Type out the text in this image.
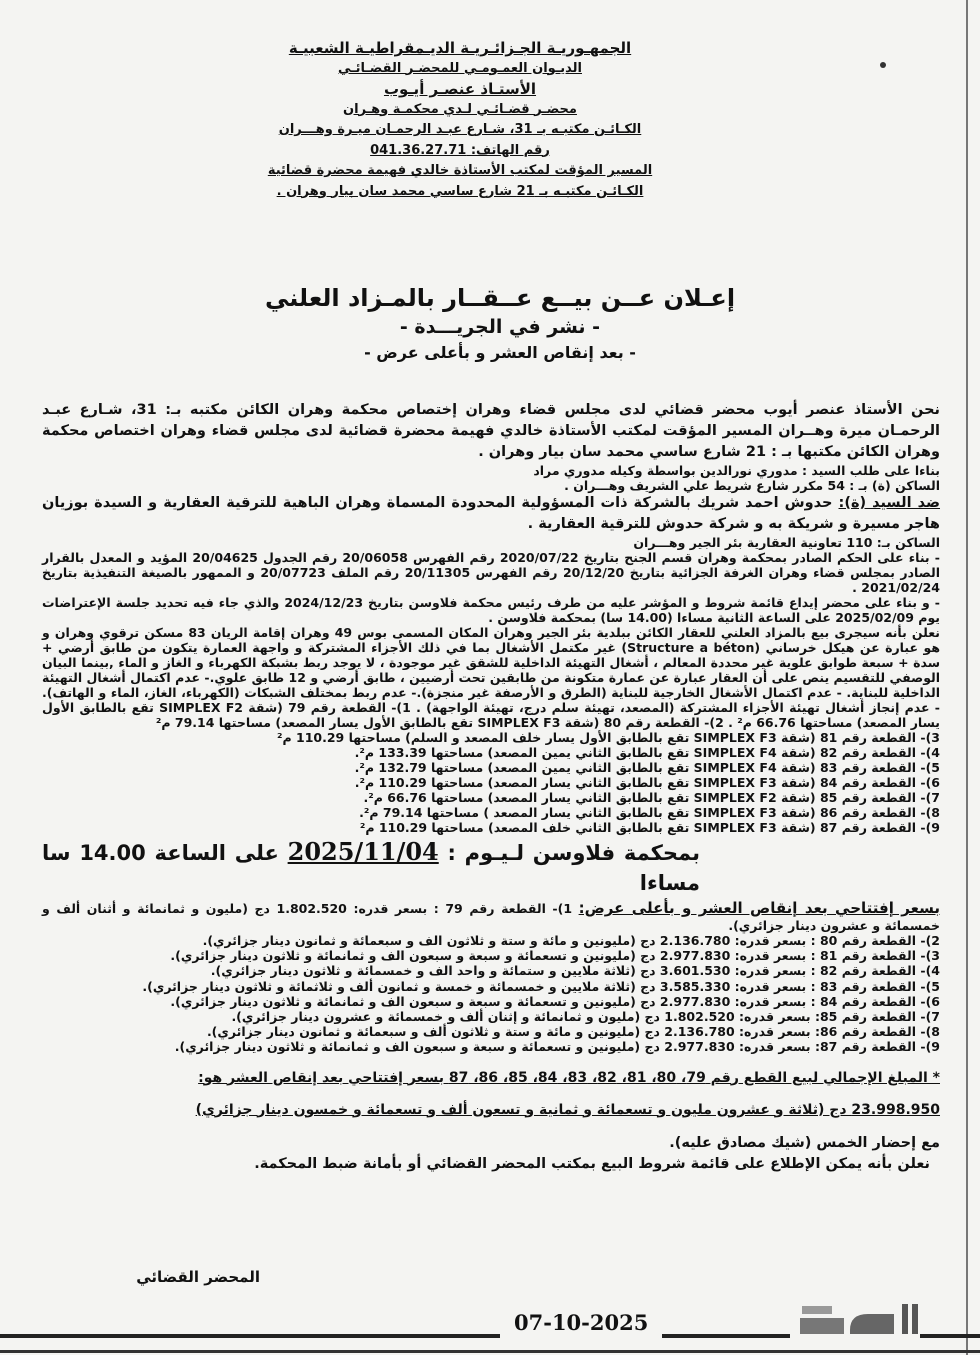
الجمهـوريـة الجـزائـريـة الديـمقراطيـة الشعبيـة
الديـوان العمـومـي للمحضـر القضـائـي
الأستـاذ عنصـر أيـوب
محضـر قضـائـي لـدي محكمـة وهـران
الكـائـن مكتبـه بـ 31، شـارع عبـد الرحمـان ميـرة وهـــران
رقم الهاتف: 041.36.27.71
المسير المؤقت لمكتب الأستاذة خالدي فهيمة محضرة قضائية
الكـائـن مكتبـه بـ 21 شارع ساسي محمد سان بيار وهران .
إعـلان عــن بيــع عــقــار بالمـزاد العلني
- نشر في الجريـــدة -
- بعد إنقاص العشر و بأعلى عرض -

نحن الأستاذ عنصر أيوب محضر قضائي لدى مجلس قضاء وهران إختصاص محكمة وهران الكائن مكتبه بـ: 31، شـارع عبـد الرحمـان ميرة وهــران المسير المؤقت لمكتب الأستاذة خالدي فهيمة محضرة قضائية لدى مجلس قضاء وهران اختصاص محكمة وهران الكائن مكتبها بـ : 21 شارع ساسي محمد سان بيار وهران .

بناءا على طلب السيد : مدوري نورالدين بواسطة وكيله مدوري مراد

الساكن (ة) بـ : 54 مكرر شارع شريط علي الشريف وهـــران .

ضد السيد (ة): حدوش احمد شريك بالشركة ذات المسؤولية المحدودة المسماة وهران الباهية للترقية العقارية و السيدة بوزيان هاجر مسيرة و شريكة به و شركة حدوش للترقية العقارية .

الساكن بـ: 110 تعاونية العقارية بئر الجير وهـــران

- بناء على الحكم الصادر بمحكمة وهران قسم الجنح بتاريخ 2020/07/22 رقم الفهرس 20/06058 رقم الجدول 20/04625 المؤيد و المعدل بالقرار الصادر بمجلس قضاء وهران الغرفة الجزائية بتاريخ 20/12/20 رقم الفهرس 20/11305 رقم الملف 20/07723 و الممهور بالصيغة التنفيذية بتاريخ 2021/02/24 .

- و بناء على محضر إيداع قائمة شروط و المؤشر عليه من طرف رئيس محكمة فلاوسن بتاريخ 2024/12/23 والذي جاء فيه تحديد جلسة الإعتراضات يوم 2025/02/09 على الساعة الثانية مساءا (14.00 سا) بمحكمة فلاوسن .

نعلن بأنه سيجرى بيع بالمزاد العلني للعقار الكائن ببلدية بئر الجير وهران المكان المسمى بوس 49 وهران إقامة الريان 83 مسكن ترقوي وهران و هو عبارة عن هيكل خرساني (Structure a béton) غير مكتمل الأشغال بما في ذلك الأجزاء المشتركة و واجهة العمارة يتكون من طابق أرضي + سدة + سبعة طوابق علوية غير محددة المعالم ، أشغال التهيئة الداخلية للشقق غير موجودة ، لا يوجد ربط بشبكة الكهرباء و الغاز و الماء ,بينما البيان الوصفي للتقسيم ينص على أن العقار عبارة عن عمارة متكونة من طابقين تحت أرضيين ، طابق أرضي و 12 طابق علوي.- عدم اكتمال أشغال التهيئة الداخلية للبناية. - عدم اكتمال الأشغال الخارجية للبناية (الطرق و الأرصفة غير منجزة).- عدم ربط بمختلف الشبكات (الكهرباء، الغاز، الماء و الهاتف). - عدم إنجاز أشغال تهيئة الأجزاء المشتركة (المصعد، تهيئة سلم درج، تهيئة الواجهة) . 1)- القطعة رقم 79 (شقة SIMPLEX F2 تقع بالطابق الأول يسار المصعد) مساحتها 66.76 م² . 2)- القطعة رقم 80 (شقة SIMPLEX F3 تقع بالطابق الأول يسار المصعد) مساحتها 79.14 م²

3)- القطعة رقم 81 (شقة SIMPLEX F3 تقع بالطابق الأول يسار خلف المصعد و السلم) مساحتها 110.29 م²
4)- القطعة رقم 82 (شقة SIMPLEX F4 تقع بالطابق الثاني يمين المصعد) مساحتها 133.39 م².
5)- القطعة رقم 83 (شقة SIMPLEX F4 تقع بالطابق الثاني يمين المصعد) مساحتها 132.79 م².
6)- القطعة رقم 84 (شقة SIMPLEX F3 تقع بالطابق الثاني يسار المصعد) مساحتها 110.29 م².
7)- القطعة رقم 85 (شقة SIMPLEX F2 تقع بالطابق الثاني يسار المصعد) مساحتها 66.76 م².
8)- القطعة رقم 86 (شقة SIMPLEX F3 تقع بالطابق الثاني يسار المصعد ) مساحتها 79.14 م².
9)- القطعة رقم 87 (شقة SIMPLEX F3 تقع بالطابق الثاني خلف المصعد) مساحتها 110.29 م²

بمحكمة فلاوسن لـيـوم : 2025/11/04 على الساعة 14.00 سا مساءا

بسعر إفتتاحي بعد إنقاص العشر و بأعلى عرض: 1)- القطعة رقم 79 : بسعر قدره: 1.802.520 دج (مليون و ثمانمائة و أثنان ألف و خمسمائة و عشرون دينار جزائري).

2)- القطعة رقم 80 : بسعر قدره: 2.136.780 دج (مليونين و مائة و ستة و ثلاثون الف و سبعمائة و ثمانون دينار جزائري).
3)- القطعة رقم 81 : بسعر قدره: 2.977.830 دج (مليونين و تسعمائة و سبعة و سبعون الف و ثمانمائة و ثلاثون دينار جزائري).
4)- القطعة رقم 82 : بسعر قدره: 3.601.530 دج (ثلاثة ملايين و ستمائة و واحد الف و خمسمائة و ثلاثون دينار جزائري).
5)- القطعة رقم 83 : بسعر قدره: 3.585.330 دج (ثلاثة ملايين و خمسمائة و خمسة و ثمانون ألف و ثلاثمائة و ثلاثون دينار جزائري).
6)- القطعة رقم 84 : بسعر قدره: 2.977.830 دج (مليونين و تسعمائة و سبعة و سبعون الف و ثمانمائة و ثلاثون دينار جزائري).
7)- القطعة رقم 85: بسعر قدره: 1.802.520 دج (مليون و ثمانمائة و إثنان ألف و خمسمائة و عشرون دينار جزائري).
8)- القطعة رقم 86: بسعر قدره: 2.136.780 دج (مليونين و مائة و ستة و ثلاثون ألف و سبعمائة و ثمانون دينار جزائري).
9)- القطعة رقم 87: بسعر قدره: 2.977.830 دج (مليونين و تسعمائة و سبعة و سبعون الف و ثمانمائة و ثلاثون دينار جزائري).

* المبلغ الإجمالي لبيع القطع رقم 79، 80، 81، 82، 83، 84، 85، 86، 87 بسعر إفتتاحي بعد إنقاص العشر هو:

23.998.950 دج (ثلاثة و عشرون مليون و تسعمائة و ثمانية و تسعون ألف و تسعمائة و خمسون دينار جزائري)

مع إحضار الخمس (شيك مصادق عليه).

نعلن بأنه يمكن الإطلاع على قائمة شروط البيع بمكتب المحضر القضائي أو بأمانة ضبط المحكمة.

المحضر القضائي
07-10-2025
